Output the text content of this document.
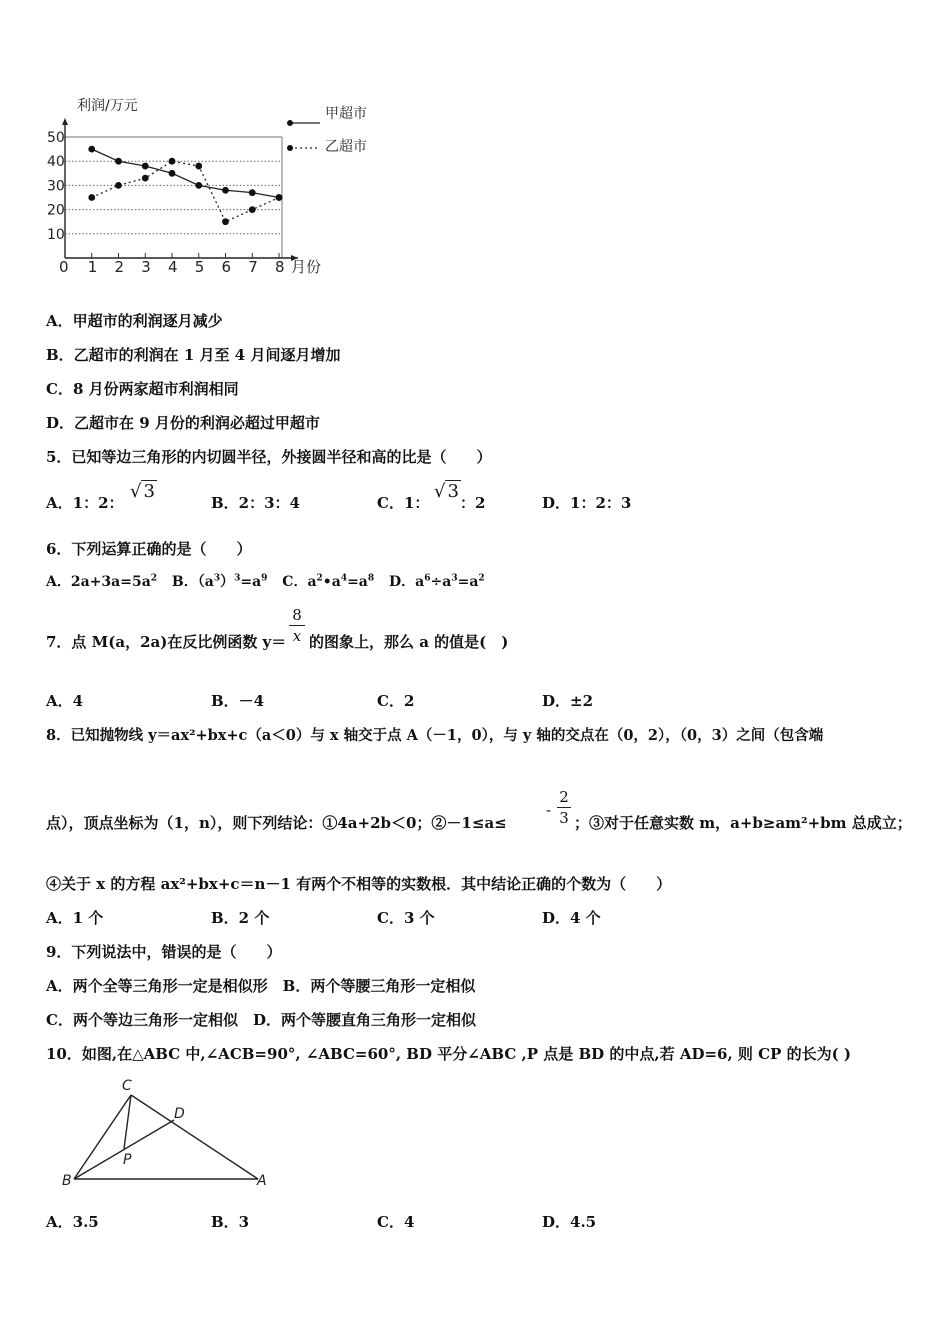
利润/万元
10
20
30
40
50
0 1 2 3 4 5 6 7 8
甲超市
乙超市
月份
A．甲超市的利润逐月减少
B．乙超市的利润在 1 月至 4 月间逐月增加
C．8 月份两家超市利润相同
D．乙超市在 9 月份的利润必超过甲超市
5．已知等边三角形的内切圆半径，外接圆半径和高的比是（　　）
A．1：2：
√ 3
B．2：3：4	C．1：
√ 3
：2	D．1：2：3
6．下列运算正确的是（　　）
A．$2a+3a=5a^2$ B．$(a^3)^3=a^9$ C．$a^2•a^4=a^8$ D．$a^6\div a^3=a^2$
7．点 M(a，2a)在反比例函数 y＝
8
x 的图象上，那么 a 的值是(　)
A．4	B．－4	C．2	D．±2
8．已知抛物线 y＝ax²+bx+c（a＜0）与 x 轴交于点 A（－1，0），与 y 轴的交点在（0，2），（0，3）之间（包含端
点），顶点坐标为（1，n），则下列结论：①4a+2b＜0；②－1≤a≤
-
2
3 ；③对于任意实数 m，a+b≥am²+bm 总成立；
④关于 x 的方程 ax²+bx+c＝n－1 有两个不相等的实数根．其中结论正确的个数为（　　）
A．1 个	B．2 个	C．3 个	D．4 个
9．下列说法中，错误的是（　　）
A．两个全等三角形一定是相似形　B．两个等腰三角形一定相似
C．两个等边三角形一定相似　D．两个等腰直角三角形一定相似
10．如图,在△ABC 中,∠ACB=90°, ∠ABC=60°, BD 平分∠ABC ,P 点是 BD 的中点,若 AD=6, 则 CP 的长为( )
C
D
P
B	A
A．3.5	B．3	C．4	D．4.5
